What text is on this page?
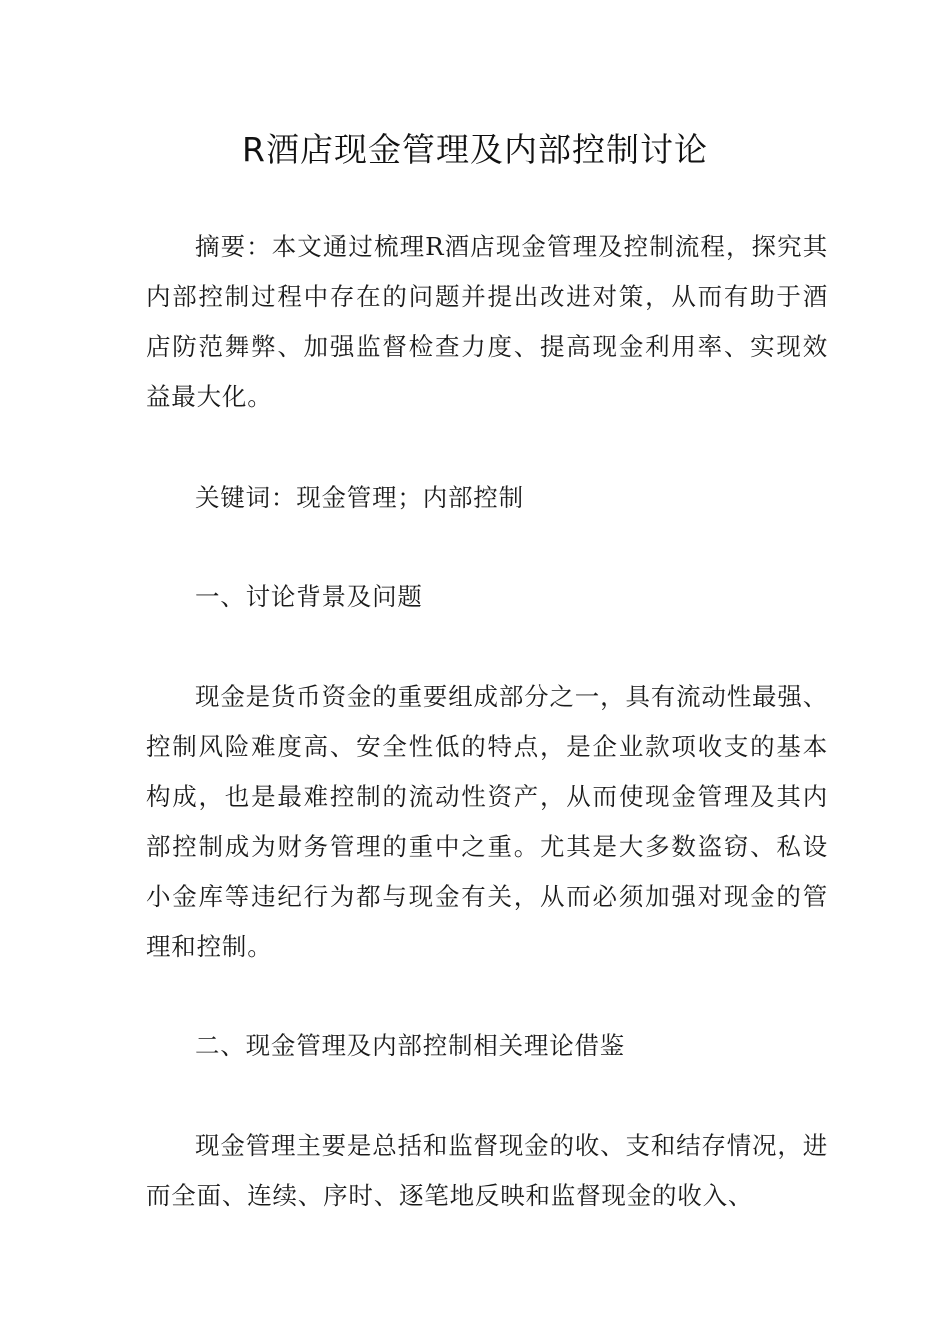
R酒店现金管理及内部控制讨论

摘要：本文通过梳理R酒店现金管理及控制流程，探究其内部控制过程中存在的问题并提出改进对策，从而有助于酒店防范舞弊、加强监督检查力度、提高现金利用率、实现效益最大化。

关键词：现金管理；内部控制

一、讨论背景及问题

现金是货币资金的重要组成部分之一，具有流动性最强、控制风险难度高、安全性低的特点，是企业款项收支的基本构成，也是最难控制的流动性资产，从而使现金管理及其内部控制成为财务管理的重中之重。尤其是大多数盗窃、私设小金库等违纪行为都与现金有关，从而必须加强对现金的管理和控制。

二、现金管理及内部控制相关理论借鉴

现金管理主要是总括和监督现金的收、支和结存情况，进而全面、连续、序时、逐笔地反映和监督现金的收入、
